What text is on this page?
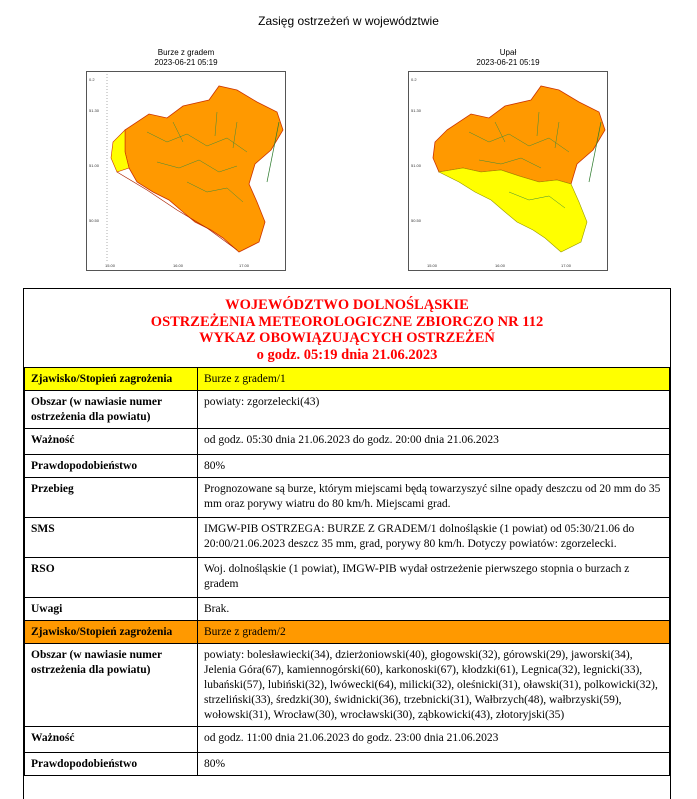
Zasięg ostrzeżeń w województwie
Burze z gradem
2023-06-21 05:19
0.2
51.30
51.00
50.50
15.00	16.00	17.00
Upał
2023-06-21 05:19
0.2
51.30
51.00
50.50
15.00	16.00	17.00
WOJEWÓDZTWO DOLNOŚLĄSKIE
OSTRZEŻENIA METEOROLOGICZNE ZBIORCZO NR 112
WYKAZ OBOWIĄZUJĄCYCH OSTRZEŻEŃ
o godz. 05:19 dnia 21.06.2023
Zjawisko/Stopień zagrożenia	Burze z gradem/1
Obszar (w nawiasie numer ostrzeżenia dla powiatu)	powiaty: zgorzelecki(43)
Ważność	od godz. 05:30 dnia 21.06.2023 do godz. 20:00 dnia 21.06.2023
Prawdopodobieństwo	80%
Przebieg	Prognozowane są burze, którym miejscami będą towarzyszyć silne opady deszczu od 20 mm do 35 mm oraz porywy wiatru do 80 km/h. Miejscami grad.
SMS	IMGW-PIB OSTRZEGA: BURZE Z GRADEM/1 dolnośląskie (1 powiat) od 05:30/21.06 do 20:00/21.06.2023 deszcz 35 mm, grad, porywy 80 km/h. Dotyczy powiatów: zgorzelecki.
RSO	Woj. dolnośląskie (1 powiat), IMGW-PIB wydał ostrzeżenie pierwszego stopnia o burzach z gradem
Uwagi	Brak.
Zjawisko/Stopień zagrożenia	Burze z gradem/2
Obszar (w nawiasie numer ostrzeżenia dla powiatu)	powiaty: bolesławiecki(34), dzierżoniowski(40), głogowski(32), górowski(29), jaworski(34), Jelenia Góra(67), kamiennogórski(60), karkonoski(67), kłodzki(61), Legnica(32), legnicki(33), lubański(57), lubiński(32), lwówecki(64), milicki(32), oleśnicki(31), oławski(31), polkowicki(32), strzeliński(33), średzki(30), świdnicki(36), trzebnicki(31), Wałbrzych(48), wałbrzyski(59), wołowski(31), Wrocław(30), wrocławski(30), ząbkowicki(43), złotoryjski(35)
Ważność	od godz. 11:00 dnia 21.06.2023 do godz. 23:00 dnia 21.06.2023
Prawdopodobieństwo	80%
